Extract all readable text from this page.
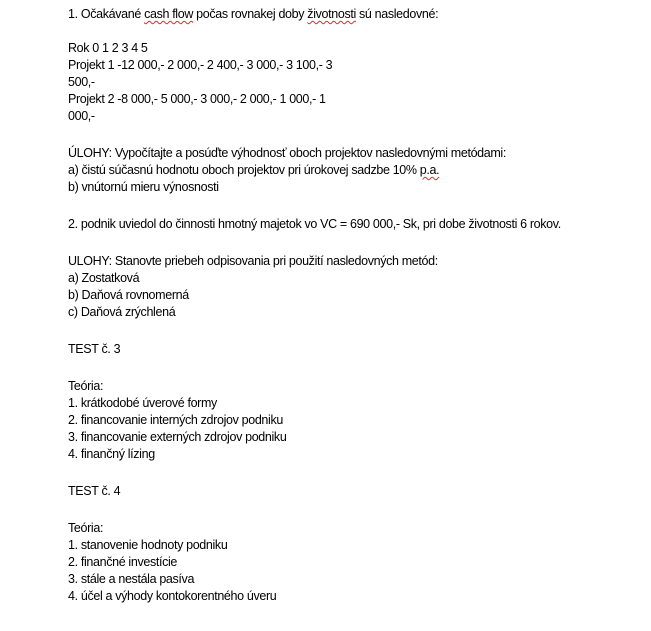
1. Očakávané cash flow počas rovnakej doby životnosti sú nasledovné:
Rok 0 1 2 3 4 5
Projekt 1 -12 000,- 2 000,- 2 400,- 3 000,- 3 100,- 3
500,-
Projekt 2 -8 000,- 5 000,- 3 000,- 2 000,- 1 000,- 1
000,-
ÚLOHY: Vypočítajte a posúďte výhodnosť oboch projektov nasledovnými metódami:
a) čistú súčasnú hodnotu oboch projektov pri úrokovej sadzbe 10% p.a.
b) vnútornú mieru výnosnosti
2. podnik uviedol do činnosti hmotný majetok vo VC = 690 000,- Sk, pri dobe životnosti 6 rokov.
ULOHY: Stanovte priebeh odpisovania pri použití nasledovných metód:
a) Zostatková
b) Daňová rovnomerná
c) Daňová zrýchlená
TEST č. 3
Teória:
1. krátkodobé úverové formy
2. financovanie interných zdrojov podniku
3. financovanie externých zdrojov podniku
4. finančný lízing
TEST č. 4
Teória:
1. stanovenie hodnoty podniku
2. finančné investície
3. stále a nestála pasíva
4. účel a výhody kontokorentného úveru
